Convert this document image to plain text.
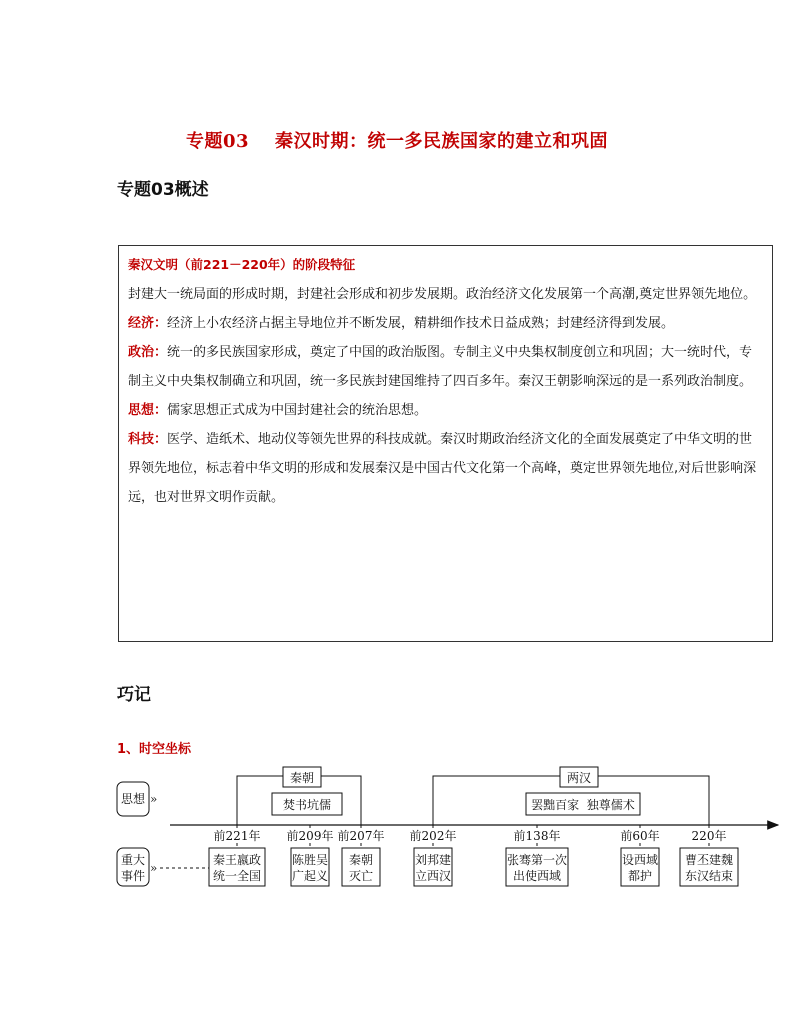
专题03 秦汉时期：统一多民族国家的建立和巩固
专题03概述

秦汉文明（前221－220年）的阶段特征

封建大一统局面的形成时期，封建社会形成和初步发展期。政治经济文化发展第一个高潮,奠定世界领先地位。

经济：经济上小农经济占据主导地位并不断发展，精耕细作技术日益成熟；封建经济得到发展。

政治：统一的多民族国家形成，奠定了中国的政治版图。专制主义中央集权制度创立和巩固；大一统时代，专制主义中央集权制确立和巩固，统一多民族封建国维持了四百多年。秦汉王朝影响深远的是一系列政治制度。

思想：儒家思想正式成为中国封建社会的统治思想。

科技：医学、造纸术、地动仪等领先世界的科技成就。秦汉时期政治经济文化的全面发展奠定了中华文明的世界领先地位，标志着中华文明的形成和发展秦汉是中国古代文化第一个高峰，奠定世界领先地位,对后世影响深远，也对世界文明作贡献。

巧记
1、时空坐标
思想 »
重大
事件
»
秦朝
焚书坑儒
两汉
罢黜百家  独尊儒术
前221年
秦王嬴政
统一全国
前209年
陈胜吴
广起义
前207年
秦朝
灭亡
前202年
刘邦建
立西汉
前138年
张骞第一次
出使西域
前60年
设西域
都护
220年
曹丕建魏
东汉结束
